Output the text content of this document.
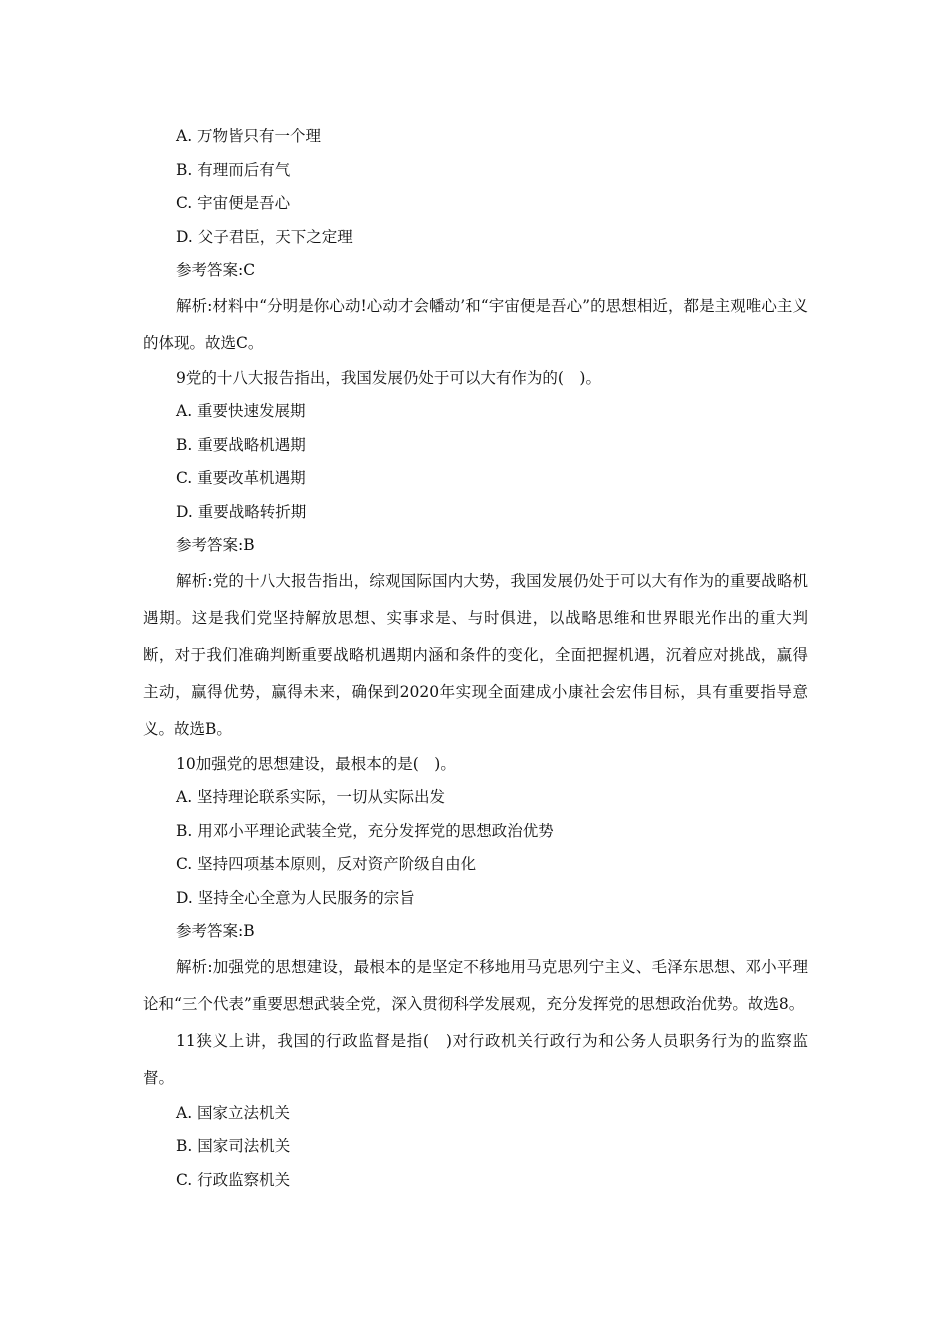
A. 万物皆只有一个理
B. 有理而后有气
C. 宇宙便是吾心
D. 父子君臣，天下之定理
参考答案:C

解析:材料中“分明是你心动!心动才会幡动’和“宇宙便是吾心”的思想相近，都是主观唯心主义的体现。故选C。

9党的十八大报告指出，我国发展仍处于可以大有作为的(　)。
A. 重要快速发展期
B. 重要战略机遇期
C. 重要改革机遇期
D. 重要战略转折期
参考答案:B

解析:党的十八大报告指出，综观国际国内大势，我国发展仍处于可以大有作为的重要战略机遇期。这是我们党坚持解放思想、实事求是、与时俱进，以战略思维和世界眼光作出的重大判断，对于我们准确判断重要战略机遇期内涵和条件的变化，全面把握机遇，沉着应对挑战，赢得主动，赢得优势，赢得未来，确保到2020年实现全面建成小康社会宏伟目标，具有重要指导意义。故选B。

10加强党的思想建设，最根本的是(　)。
A. 坚持理论联系实际，一切从实际出发
B. 用邓小平理论武装全党，充分发挥党的思想政治优势
C. 坚持四项基本原则，反对资产阶级自由化
D. 坚持全心全意为人民服务的宗旨
参考答案:B

解析:加强党的思想建设，最根本的是坚定不移地用马克思列宁主义、毛泽东思想、邓小平理论和“三个代表”重要思想武装全党，深入贯彻科学发展观，充分发挥党的思想政治优势。故选8。

11狭义上讲，我国的行政监督是指(　)对行政机关行政行为和公务人员职务行为的监察监督。

A. 国家立法机关
B. 国家司法机关
C. 行政监察机关
